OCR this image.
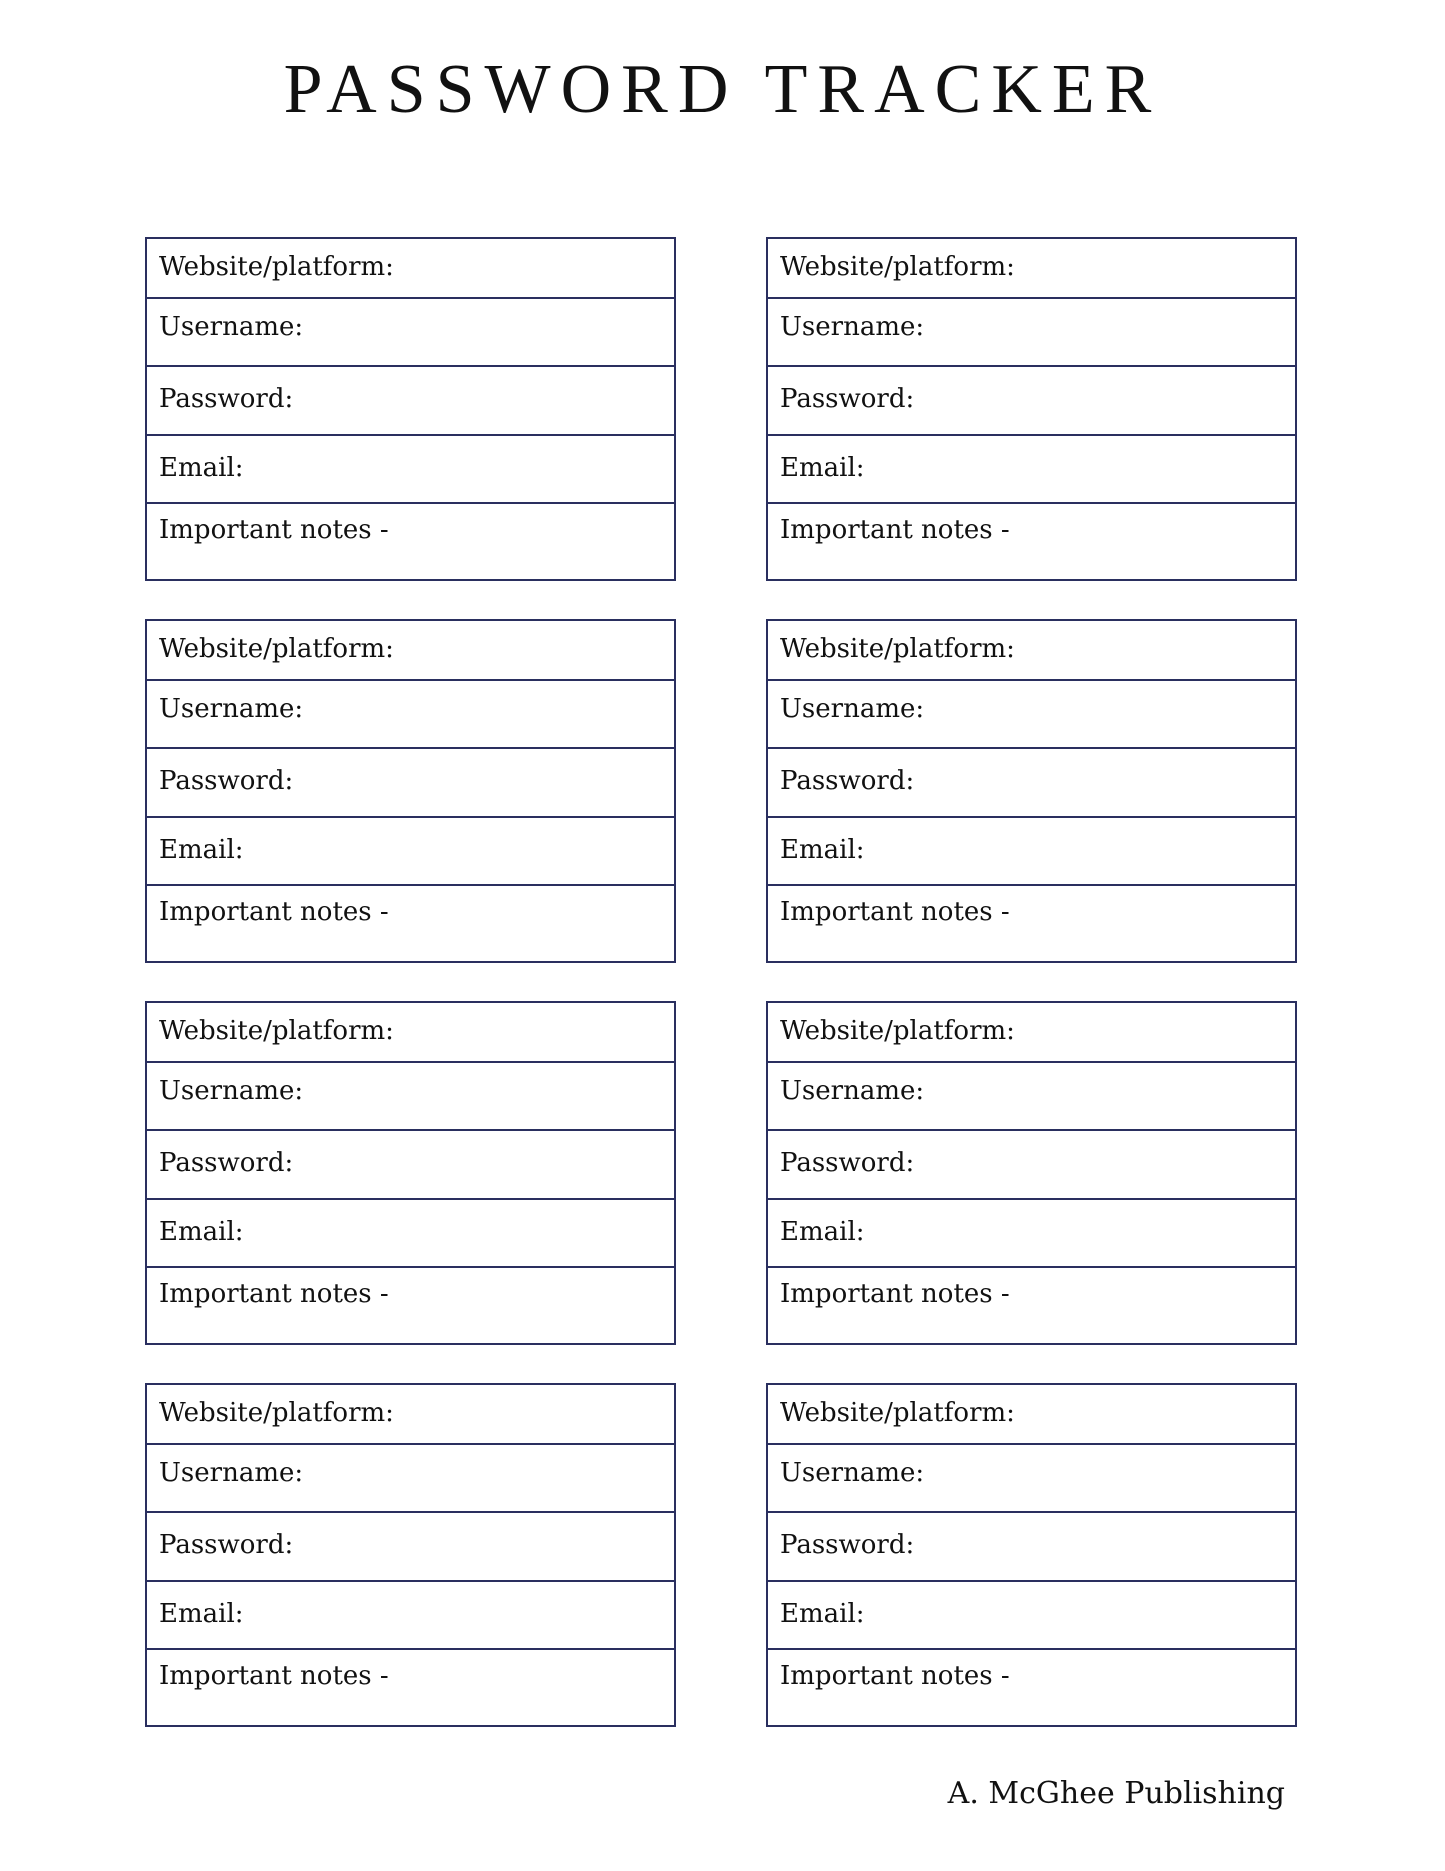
PASSWORD TRACKER
Website/platform:
Username:
Password:
Email:
Important notes -
Website/platform:
Username:
Password:
Email:
Important notes -
Website/platform:
Username:
Password:
Email:
Important notes -
Website/platform:
Username:
Password:
Email:
Important notes -
Website/platform:
Username:
Password:
Email:
Important notes -
Website/platform:
Username:
Password:
Email:
Important notes -
Website/platform:
Username:
Password:
Email:
Important notes -
Website/platform:
Username:
Password:
Email:
Important notes -
A. McGhee Publishing
